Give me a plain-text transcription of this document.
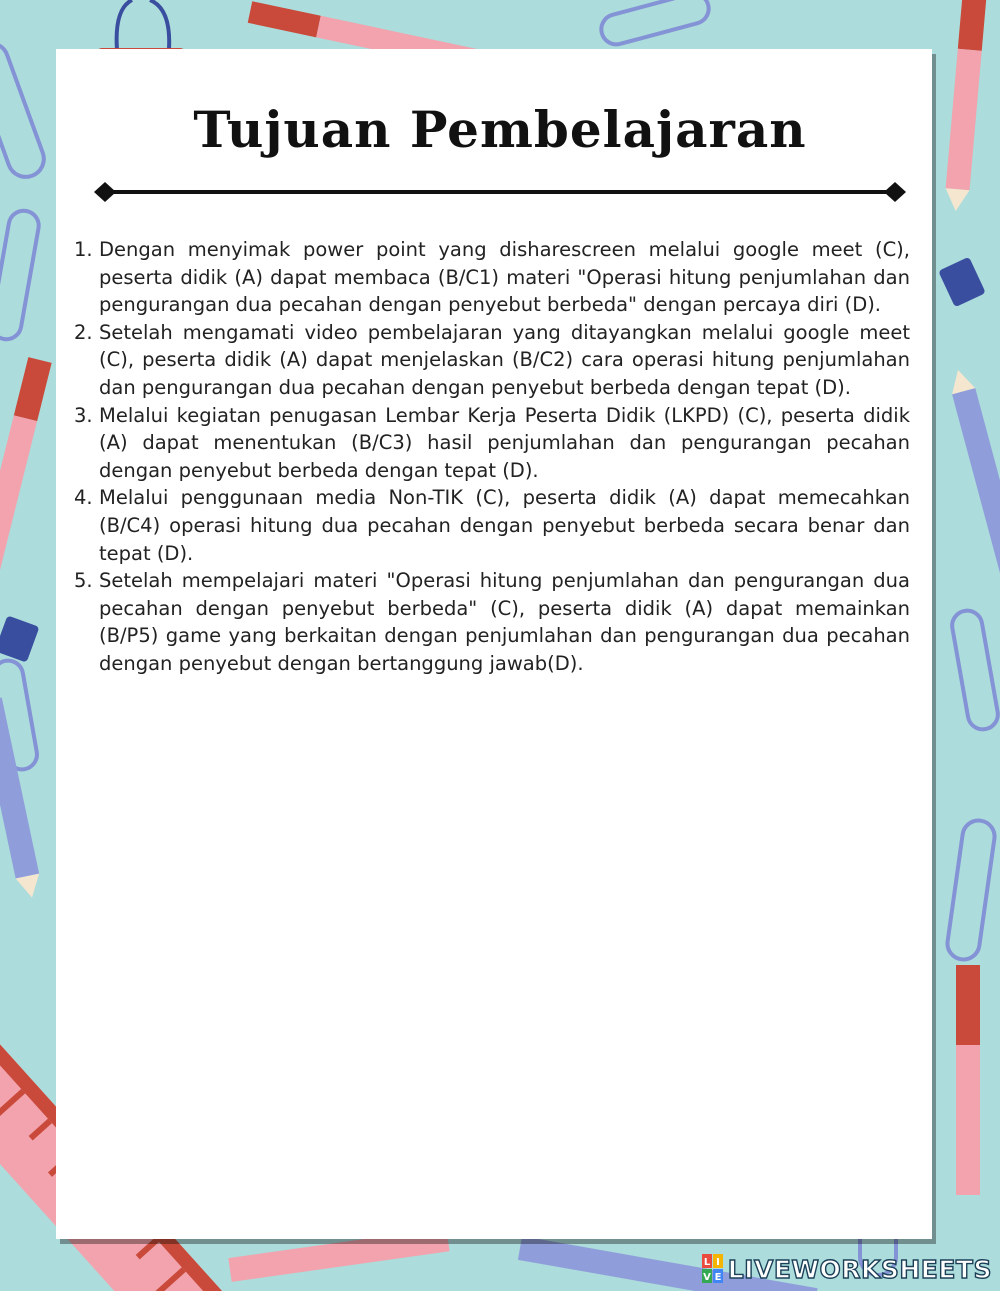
Tujuan Pembelajaran
1. Dengan menyimak power point yang disharescreen melalui google meet (C), peserta didik (A) dapat membaca (B/C1) materi "Operasi hitung penjumlahan dan pengurangan dua pecahan dengan penyebut berbeda" dengan percaya diri (D).
2. Setelah mengamati video pembelajaran yang ditayangkan melalui google meet (C), peserta didik (A) dapat menjelaskan (B/C2) cara operasi hitung penjumlahan dan pengurangan dua pecahan dengan penyebut berbeda dengan tepat (D).
3. Melalui kegiatan penugasan Lembar Kerja Peserta Didik (LKPD) (C), peserta didik (A) dapat menentukan (B/C3) hasil penjumlahan dan pengurangan pecahan dengan penyebut berbeda dengan tepat (D).
4. Melalui penggunaan media Non-TIK (C), peserta didik (A) dapat memecahkan (B/C4) operasi hitung dua pecahan dengan penyebut berbeda secara benar dan tepat (D).
5. Setelah mempelajari materi "Operasi hitung penjumlahan dan pengurangan dua pecahan dengan penyebut berbeda" (C), peserta didik (A) dapat memainkan (B/P5) game yang berkaitan dengan penjumlahan dan pengurangan dua pecahan dengan penyebut dengan bertanggung jawab(D).
L I
V E LIVEWORKSHEETS
